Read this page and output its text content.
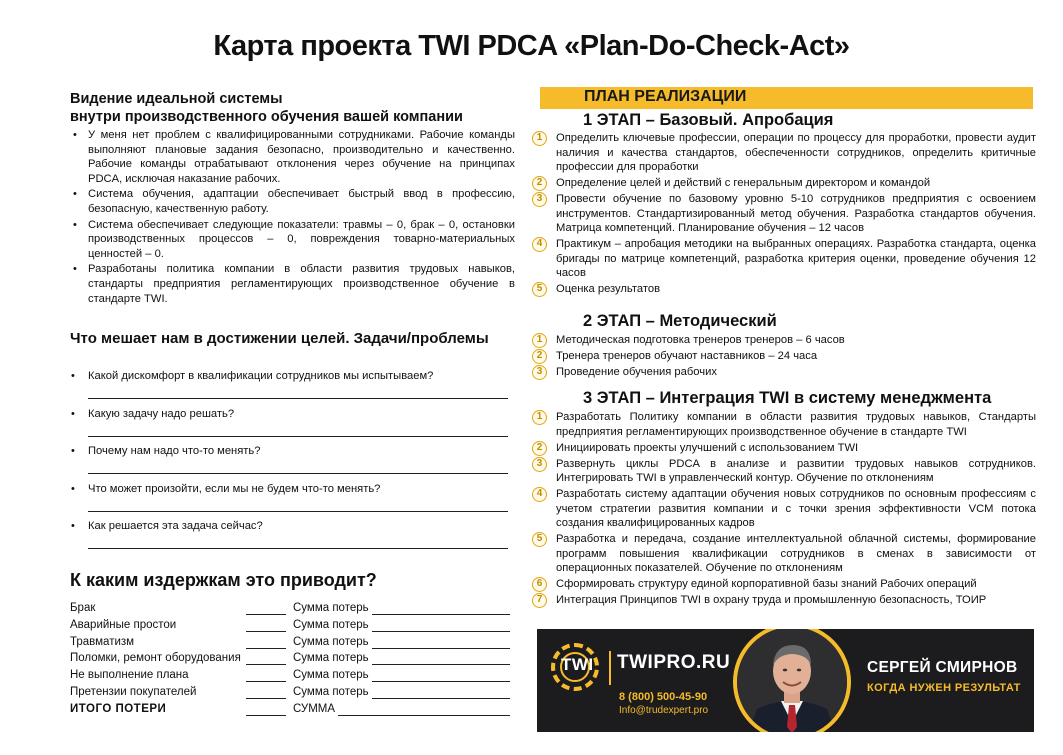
Карта проекта TWI PDCA «Plan-Do-Check-Act»
Видение идеальной системы
внутри производственного обучения вашей компании
• У меня нет проблем с квалифицированными сотрудниками. Рабочие команды выполняют плановые задания безопасно, производительно и качественно. Рабочие команды отрабатывают отклонения через обучение на принципах PDCA, исключая наказание рабочих.
• Система обучения, адаптации обеспечивает быстрый ввод в профессию, безопасную, качественную работу.
• Система обеспечивает следующие показатели: травмы – 0, брак – 0, остановки производственных процессов – 0, повреждения товарно-материальных ценностей – 0.
• Разработаны политика компании в области развития трудовых навыков, стандарты предприятия регламентирующих производственное обучение в стандарте TWI.
Что мешает нам в достижении целей. Задачи/проблемы
• Какой дискомфорт в квалификации сотрудников мы испытываем?
• Какую задачу надо решать?
• Почему нам надо что-то менять?
• Что может произойти, если мы не будем что-то менять?
• Как решается эта задача сейчас?
К каким издержкам это приводит?
Брак	Сумма потерь
Аварийные простои	Сумма потерь
Травматизм	Сумма потерь
Поломки, ремонт оборудования	Сумма потерь
Не выполнение плана	Сумма потерь
Претензии покупателей	Сумма потерь
ИТОГО ПОТЕРИ	СУММА
ПЛАН РЕАЛИЗАЦИИ
1 ЭТАП – Базовый. Апробация
1	Определить ключевые профессии, операции по процессу для проработки, провести аудит наличия и качества стандартов, обеспеченности сотрудников, определить критичные профессии для проработки
2	Определение целей и действий с генеральным директором и командой
3	Провести обучение по базовому уровню 5-10 сотрудников предприятия с освоением инструментов. Стандартизированный метод обучения. Разработка стандартов обучения. Матрица компетенций. Планирование обучения – 12 часов
4	Практикум – апробация методики на выбранных операциях. Разработка стандарта, оценка бригады по матрице компетенций, разработка критерия оценки, проведение обучения 12 часов
5	Оценка результатов
2 ЭТАП – Методический
1	Методическая подготовка тренеров тренеров – 6 часов
2	Тренера тренеров обучают наставников – 24 часа
3	Проведение обучения рабочих
3 ЭТАП – Интеграция TWI в систему менеджмента
1	Разработать Политику компании в области развития трудовых навыков, Стандарты предприятия регламентирующих производственное обучение в стандарте TWI
2	Инициировать проекты улучшений с использованием TWI
3	Развернуть циклы PDCA в анализе и развитии трудовых навыков сотрудников. Интегрировать TWI в управленческий контур. Обучение по отклонениям
4	Разработать систему адаптации обучения новых сотрудников по основным профессиям с учетом стратегии развития компании и с точки зрения эффективности VCM потока создания квалифицированных кадров
5	Разработка и передача, создание интеллектуальной облачной системы, формирование программ повышения квалификации сотрудников в сменах в зависимости от операционных показателей. Обучение по отклонениям
6	Сформировать структуру единой корпоративной базы знаний Рабочих операций
7	Интеграция Принципов TWI в охрану труда и промышленную безопасность, ТОИР
TWI TWIPRO.RU
8 (800) 500-45-90
Info@trudexpert.pro
СЕРГЕЙ СМИРНОВ
КОГДА НУЖЕН РЕЗУЛЬТАТ
